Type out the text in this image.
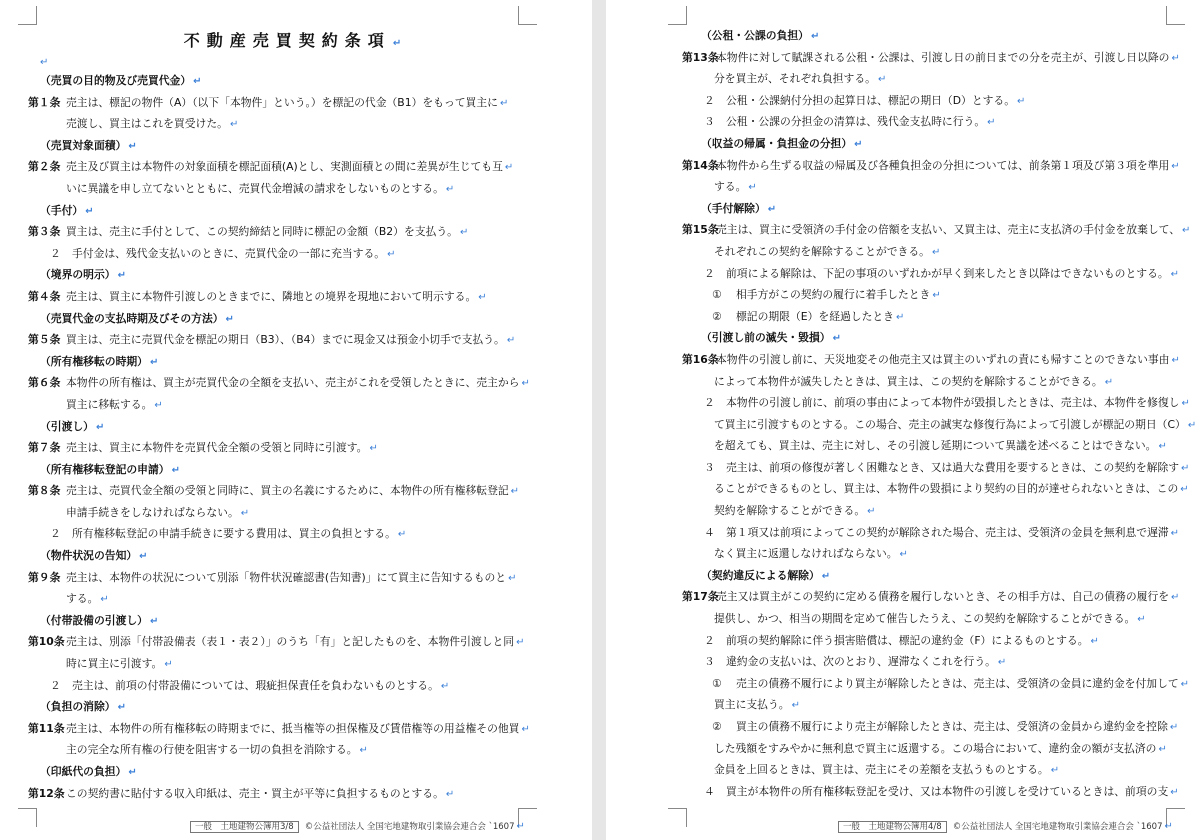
不動産売買契約条項 ↵
↵
（売買の目的物及び売買代金） ↵
第１条 売主は、標記の物件（A）（以下「本物件」という。）を標記の代金（B1）をもって買主に ↵
売渡し、買主はこれを買受けた。 ↵
（売買対象面積） ↵
第２条 売主及び買主は本物件の対象面積を標記面積(A)とし、実測面積との間に差異が生じても互 ↵
いに異議を申し立てないとともに、売買代金増減の請求をしないものとする。 ↵
（手付） ↵
第３条 買主は、売主に手付として、この契約締結と同時に標記の金額（B2）を支払う。 ↵
２ 手付金は、残代金支払いのときに、売買代金の一部に充当する。 ↵
（境界の明示） ↵
第４条 売主は、買主に本物件引渡しのときまでに、隣地との境界を現地において明示する。 ↵
（売買代金の支払時期及びその方法） ↵
第５条 買主は、売主に売買代金を標記の期日（B3）、（B4）までに現金又は預金小切手で支払う。 ↵
（所有権移転の時期） ↵
第６条 本物件の所有権は、買主が売買代金の全額を支払い、売主がこれを受領したときに、売主から ↵
買主に移転する。 ↵
（引渡し） ↵
第７条 売主は、買主に本物件を売買代金全額の受領と同時に引渡す。 ↵
（所有権移転登記の申請） ↵
第８条 売主は、売買代金全額の受領と同時に、買主の名義にするために、本物件の所有権移転登記 ↵
申請手続きをしなければならない。 ↵
２ 所有権移転登記の申請手続きに要する費用は、買主の負担とする。 ↵
（物件状況の告知） ↵
第９条 売主は、本物件の状況について別添「物件状況確認書(告知書)」にて買主に告知するものと ↵
する。 ↵
（付帯設備の引渡し） ↵
第10条売主は、別添「付帯設備表（表１・表２）」のうち「有」と記したものを、本物件引渡しと同 ↵
時に買主に引渡す。 ↵
２ 売主は、前項の付帯設備については、瑕疵担保責任を負わないものとする。 ↵
（負担の消除） ↵
第11条売主は、本物件の所有権移転の時期までに、抵当権等の担保権及び賃借権等の用益権その他買 ↵
主の完全な所有権の行使を阻害する一切の負担を消除する。 ↵
（印紙代の負担） ↵
第12条この契約書に貼付する収入印紙は、売主・買主が平等に負担するものとする。 ↵
一般　土地建物公簿用3/8 ©公益社団法人 全国宅地建物取引業協会連合会 `1607 ↵
（公租・公課の負担） ↵
第13条本物件に対して賦課される公租・公課は、引渡し日の前日までの分を売主が、引渡し日以降の ↵
分を買主が、それぞれ負担する。 ↵
２ 公租・公課納付分担の起算日は、標記の期日（D）とする。 ↵
３ 公租・公課の分担金の清算は、残代金支払時に行う。 ↵
（収益の帰属・負担金の分担） ↵
第14条本物件から生ずる収益の帰属及び各種負担金の分担については、前条第１項及び第３項を準用 ↵
する。 ↵
（手付解除） ↵
第15条売主は、買主に受領済の手付金の倍額を支払い、又買主は、売主に支払済の手付金を放棄して、 ↵
それぞれこの契約を解除することができる。 ↵
２ 前項による解除は、下記の事項のいずれかが早く到来したとき以降はできないものとする。 ↵
① 相手方がこの契約の履行に着手したとき ↵
② 標記の期限（E）を経過したとき ↵
（引渡し前の滅失・毀損） ↵
第16条本物件の引渡し前に、天災地変その他売主又は買主のいずれの責にも帰すことのできない事由 ↵
によって本物件が滅失したときは、買主は、この契約を解除することができる。 ↵
２ 本物件の引渡し前に、前項の事由によって本物件が毀損したときは、売主は、本物件を修復し ↵
て買主に引渡すものとする。この場合、売主の誠実な修復行為によって引渡しが標記の期日（C） ↵
を超えても、買主は、売主に対し、その引渡し延期について異議を述べることはできない。 ↵
３ 売主は、前項の修復が著しく困難なとき、又は過大な費用を要するときは、この契約を解除す ↵
ることができるものとし、買主は、本物件の毀損により契約の目的が達せられないときは、この ↵
契約を解除することができる。 ↵
４ 第１項又は前項によってこの契約が解除された場合、売主は、受領済の金員を無利息で遅滞 ↵
なく買主に返還しなければならない。 ↵
（契約違反による解除） ↵
第17条売主又は買主がこの契約に定める債務を履行しないとき、その相手方は、自己の債務の履行を ↵
提供し、かつ、相当の期間を定めて催告したうえ、この契約を解除することができる。 ↵
２ 前項の契約解除に伴う損害賠償は、標記の違約金（F）によるものとする。 ↵
３ 違約金の支払いは、次のとおり、遅滞なくこれを行う。 ↵
① 売主の債務不履行により買主が解除したときは、売主は、受領済の金員に違約金を付加して ↵
買主に支払う。 ↵
② 買主の債務不履行により売主が解除したときは、売主は、受領済の金員から違約金を控除 ↵
した残額をすみやかに無利息で買主に返還する。この場合において、違約金の額が支払済の ↵
金員を上回るときは、買主は、売主にその差額を支払うものとする。 ↵
４ 買主が本物件の所有権移転登記を受け、又は本物件の引渡しを受けているときは、前項の支 ↵
一般　土地建物公簿用4/8 ©公益社団法人 全国宅地建物取引業協会連合会 `1607 ↵
